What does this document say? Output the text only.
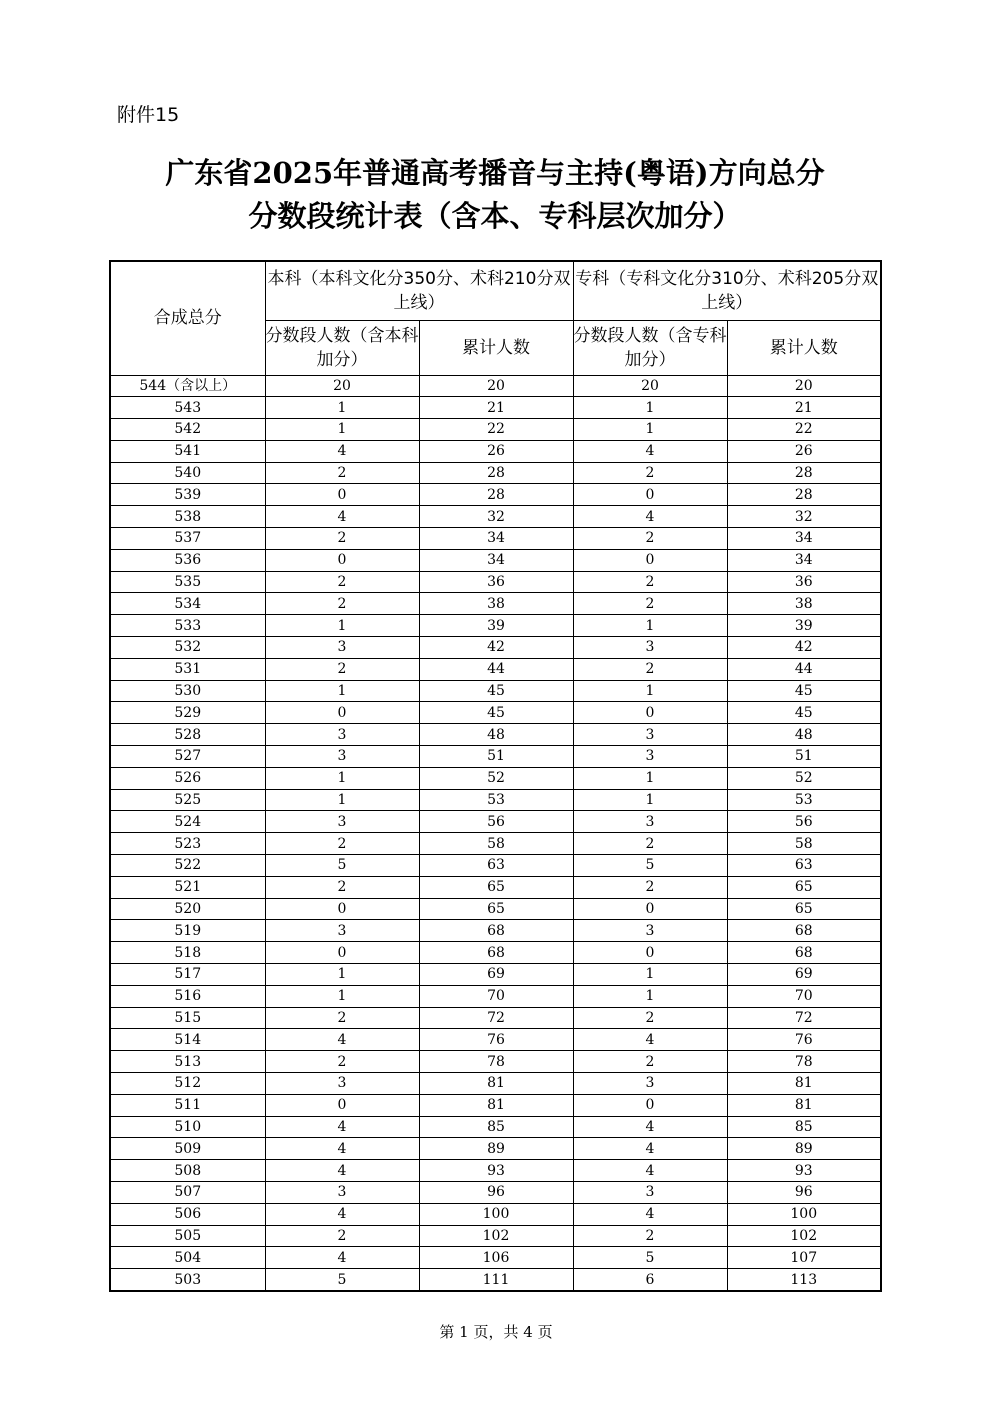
附件15
广东省2025年普通高考播音与主持(粤语)方向总分
分数段统计表（含本、专科层次加分）
合成总分	本科（本科文化分350分、术科210分双上线）		专科（专科文化分310分、术科205分双上线）	
	分数段人数（含本科加分）	累计人数	分数段人数（含专科加分）	累计人数
544（含以上）	20	20	20	20
543	1	21	1	21
542	1	22	1	22
541	4	26	4	26
540	2	28	2	28
539	0	28	0	28
538	4	32	4	32
537	2	34	2	34
536	0	34	0	34
535	2	36	2	36
534	2	38	2	38
533	1	39	1	39
532	3	42	3	42
531	2	44	2	44
530	1	45	1	45
529	0	45	0	45
528	3	48	3	48
527	3	51	3	51
526	1	52	1	52
525	1	53	1	53
524	3	56	3	56
523	2	58	2	58
522	5	63	5	63
521	2	65	2	65
520	0	65	0	65
519	3	68	3	68
518	0	68	0	68
517	1	69	1	69
516	1	70	1	70
515	2	72	2	72
514	4	76	4	76
513	2	78	2	78
512	3	81	3	81
511	0	81	0	81
510	4	85	4	85
509	4	89	4	89
508	4	93	4	93
507	3	96	3	96
506	4	100	4	100
505	2	102	2	102
504	4	106	5	107
503	5	111	6	113
第 1 页，共 4 页
